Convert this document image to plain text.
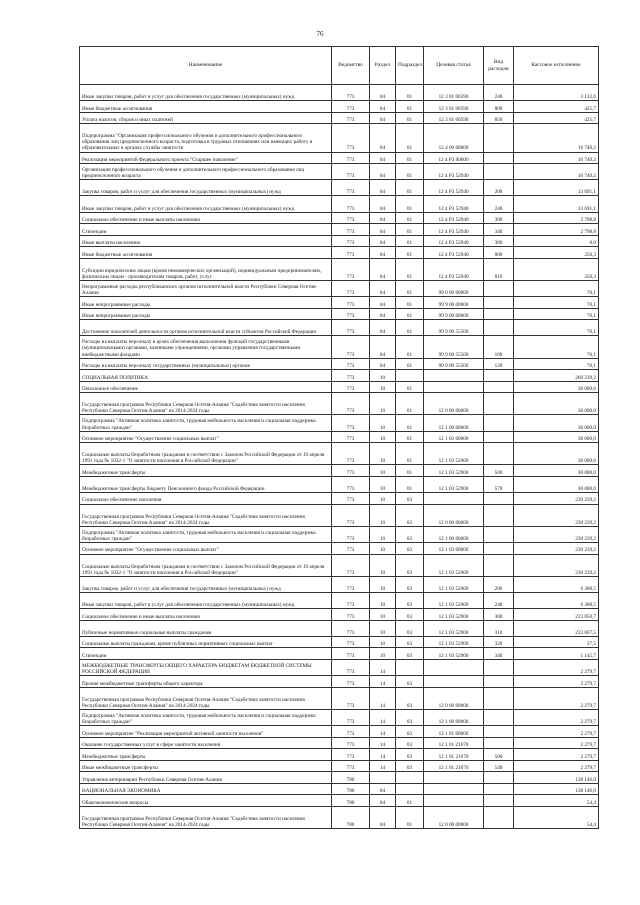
76
Наименование	Ведомство	Раздел	Подраздел	Целевая статья	Вид расходов	Кассовое исполнение
Иные закупки товаров, работ и услуг для обеспечения государственных (муниципальных) нужд	773	04	01	12 3 01 00590	240	3 132,6
Иные бюджетные ассигнования	773	04	01	12 3 01 00590	800	425,7
Уплата налогов, сборов и иных платежей	773	04	01	12 3 01 00590	850	425,7
Подпрограмма "Организация профессионального обучения и дополнительного профессионального образования лиц предпенсионного возраста, подготовка в трудовых отношениях или имеющих работу в образовательных в органах службы занятости	773	04	01	12 4 00 00000		16 740,2
Реализация мероприятий Федерального проекта "Старшее поколение"	773	04	01	12 4 P3 00000		16 740,2
Организация профессионального обучения и дополнительного профессионального образования лиц предпенсионного возраста	773	04	01	12 4 P3 52940		16 740,2
Закупка товаров, работ и услуг для обеспечения государственных (муниципальных) нужд	773	04	01	12 4 P3 52940	200	13 691,1
Иные закупки товаров, работ и услуг для обеспечения государственных (муниципальных) нужд	773	04	01	12 4 P3 52940	240	13 691,1
Социальное обеспечение и иные выплаты населению	773	04	01	12 4 P3 52940	300	2 798,8
Стипендии	773	04	01	12 4 P3 52940	340	2 798,8
Иные выплаты населению	773	04	01	12 4 P3 52940	360	0,0
Иные бюджетные ассигнования	773	04	01	12 4 P3 52940	800	250,3
Субсидии юридическим лицам (кроме некоммерческих организаций), индивидуальным предпринимателям, физическим лицам - производителям товаров, работ, услуг	773	04	01	12 4 P3 52940	810	250,3
Непрограммные расходы республиканских органов исполнительной власти Республики Северная Осетия-Алания	773	04	01	99 0 00 00000		70,1
Иные непрограммные расходы	773	04	01	99 9 00 00000		70,1
Иные непрограммные расходы	773	04	01	99 9 00 00000		70,1
Достижение показателей деятельности органов исполнительной власти субъектов Российской Федерации	773	04	01	99 9 00 55500		70,1
Расходы на выплаты персоналу в целях обеспечения выполнения функций государственными (муниципальными) органами, казенными учреждениями, органами управления государственными внебюджетными фондами	773	04	01	99 9 00 55500	100	70,1
Расходы на выплаты персоналу государственных (муниципальных) органов	773	04	01	99 9 00 55500	120	70,1
СОЦИАЛЬНАЯ ПОЛИТИКА	773	10				260 239,2
Пенсионное обеспечение	773	10	01			30 000,0
Государственная программа Республики Северная Осетия-Алания "Содействие занятости населения Республики Северная Осетия-Алания" на 2014-2024 годы	773	10	01	12 0 00 00000		30 000,0
Подпрограмма "Активная политика занятости, трудовая мобильность населения и социальная поддержка безработных граждан"	773	10	01	12 1 00 00000		30 000,0
Основное мероприятие "Осуществление социальных выплат"	773	10	01	12 1 03 00000		30 000,0
Социальные выплаты безработным гражданам в соответствии с Законом Российской Федерации от 19 апреля 1991 года № 1032-1 "О занятости населения в Российской Федерации"	773	10	01	12 1 03 52900		30 000,0
Межбюджетные трансферты	773	10	01	12 1 03 52900	500	30 000,0
Межбюджетные трансферты бюджету Пенсионного фонда Российской Федерации	773	10	01	12 1 03 52900	570	30 000,0
Социальное обеспечение населения	773	10	03			230 239,2
Государственная программа Республики Северная Осетия-Алания "Содействие занятости населения Республики Северная Осетия-Алания" на 2014-2024 годы	773	10	03	12 0 00 00000		230 239,2
Подпрограмма "Активная политика занятости, трудовая мобильность населения и социальная поддержка безработных граждан"	773	10	03	12 1 00 00000		230 239,2
Основное мероприятие "Осуществление социальных выплат"	773	10	03	12 1 03 00000		230 239,2
Социальные выплаты безработным гражданам в соответствии с Законом Российской Федерации от 19 апреля 1991 года № 1032-1 "О занятости населения в Российской Федерации"	773	10	03	12 1 03 52900		230 239,2
Закупка товаров, работ и услуг для обеспечения государственных (муниципальных) нужд	773	10	03	12 1 03 52900	200	6 388,5
Иные закупки товаров, работ и услуг для обеспечения государственных (муниципальных) нужд	773	10	03	12 1 03 52900	240	6 388,5
Социальное обеспечение и иные выплаты населению	773	10	03	12 1 03 52900	300	223 850,7
Публичные нормативные социальные выплаты гражданам	773	10	03	12 1 03 52900	310	222 667,5
Социальные выплаты гражданам, кроме публичных нормативных социальных выплат	773	10	03	12 1 03 52900	320	37,5
Стипендии	773	10	03	12 1 03 52900	340	1 145,7
МЕЖБЮДЖЕТНЫЕ ТРАНСФЕРТЫ ОБЩЕГО ХАРАКТЕРА БЮДЖЕТАМ БЮДЖЕТНОЙ СИСТЕМЫ РОССИЙСКОЙ ФЕДЕРАЦИИ	773	14				2 279,7
Прочие межбюджетные трансферты общего характера	773	14	03			2 279,7
Государственная программа Республики Северная Осетия-Алания "Содействие занятости населения Республики Северная Осетия-Алания" на 2014-2024 годы	773	14	03	12 0 00 00000		2 279,7
Подпрограмма "Активная политика занятости, трудовая мобильность населения и социальная поддержка безработных граждан"	773	14	03	12 1 00 00000		2 279,7
Основное мероприятие "Реализация мероприятий активной занятости населения"	773	14	03	12 1 01 00000		2 279,7
Оказание государственных услуг в сфере занятости населения	773	14	03	12 1 01 21670		2 279,7
Межбюджетные трансферты	773	14	03	12 1 01 21670	500	2 279,7
Иные межбюджетные трансферты	773	14	03	12 1 01 21670	540	2 279,7
Управление ветеринарии Республики Северная Осетия-Алания	780					138 146,0
НАЦИОНАЛЬНАЯ ЭКОНОМИКА	780	04				138 146,0
Общеэкономические вопросы	780	04	01			54,4
Государственная программа Республики Северная Осетия-Алания "Содействие занятости населения Республики Северная Осетия-Алания" на 2014-2024 годы	780	04	01	12 0 00 00000		54,4
